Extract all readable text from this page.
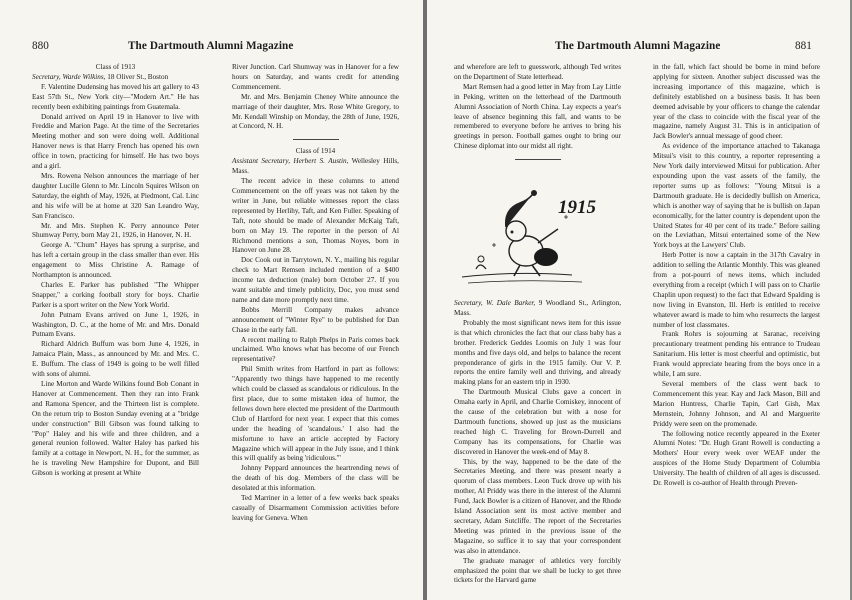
880	The Dartmouth Alumni Magazine

Class of 1913

Secretary, Warde Wilkins, 18 Oliver St., Boston

F. Valentine Dudensing has moved his art gallery to 43 East 57th St., New York city—"Modern Art." He has recently been exhibiting paintings from Guatemala.

Donald arrived on April 19 in Hanover to live with Freddie and Marion Page. At the time of the Secretaries Meeting mother and son were doing well. Additional Hanover news is that Harry French has opened his own office in town, practicing for himself. He has two boys and a girl.

Mrs. Rowena Nelson announces the marriage of her daughter Lucille Glenn to Mr. Lincoln Squires Wilson on Saturday, the eighth of May, 1926, at Piedmont, Cal. Linc and his wife will be at home at 320 San Leandro Way, San Francisco.

Mr. and Mrs. Stephen K. Perry announce Peter Shumway Perry, born May 21, 1926, in Hanover, N. H.

George A. "Chum" Hayes has sprung a surprise, and has left a certain group in the class smaller than ever. His engagement to Miss Christine A. Ramage of Northampton is announced.

Charles E. Parker has published "The Whipper Snapper," a corking football story for boys. Charlie Parker is a sport writer on the New York World.

John Putnam Evans arrived on June 1, 1926, in Washington, D. C., at the home of Mr. and Mrs. Donald Putnam Evans.

Richard Aldrich Buffum was born June 4, 1926, in Jamaica Plain, Mass., as announced by Mr. and Mrs. C. E. Buffum. The class of 1949 is going to be well filled with sons of alumni.

Line Morton and Warde Wilkins found Bob Conant in Hanover at Commencement. Then they ran into Frank and Ramona Spencer, and the Thirteen list is complete. On the return trip to Boston Sunday evening at a "bridge under construction" Bill Gibson was found talking to "Pop" Haley and his wife and three children, and a general reunion followed. Walter Haley has parked his family at a cottage in Newport, N. H., for the summer, as he is traveling New Hampshire for Dupont, and Bill Gibson is working at present at White

River Junction. Carl Shumway was in Hanover for a few hours on Saturday, and wants credit for attending Commencement.

Mr. and Mrs. Benjamin Cheney White announce the marriage of their daughter, Mrs. Rose White Gregory, to Mr. Kendall Winship on Monday, the 28th of June, 1926, at Concord, N. H.

Class of 1914

Assistant Secretary, Herbert S. Austin, Wellesley Hills, Mass.

The recent advice in these columns to attend Commencement on the off years was not taken by the writer in June, but reliable witnesses report the class represented by Herlihy, Taft, and Ken Fuller. Speaking of Taft, note should be made of Alexander McKaig Taft, born on May 19. The reporter in the person of Al Richmond mentions a son, Thomas Noyes, born in Hanover on June 28.

Doc Cook out in Tarrytown, N. Y., mailing his regular check to Mart Remsen included mention of a $400 income tax deduction (male) born October 27. If you want suitable and timely publicity, Doc, you must send name and date more promptly next time.

Bobbs Merrill Company makes advance announcement of "Winter Rye" to be published for Dan Chase in the early fall.

A recent mailing to Ralph Phelps in Paris comes back unclaimed. Who knows what has become of our French representative?

Phil Smith writes from Hartford in part as follows: "Apparently two things have happened to me recently which could be classed as scandalous or ridiculous. In the first place, due to some mistaken idea of humor, the fellows down here elected me president of the Dartmouth Club of Hartford for next year. I expect that this comes under the heading of 'scandalous.' I also had the misfortune to have an article accepted by Factory Magazine which will appear in the July issue, and I think this will qualify as being 'ridiculous.'"

Johnny Peppard announces the heartrending news of the death of his dog. Members of the class will be desolated at this information.

Ted Marriner in a letter of a few weeks back speaks casually of Disarmament Commission activities before leaving for Geneva. When

The Dartmouth Alumni Magazine	881

and wherefore are left to guesswork, although Ted writes on the Department of State letterhead.

Mart Remsen had a good letter in May from Lay Little in Peking, written on the letterhead of the Dartmouth Alumni Association of North China. Lay expects a year's leave of absence beginning this fall, and wants to be remembered to everyone before he arrives to bring his greetings in person. Football games ought to bring our Chinese diplomat into our midst all right.

1915

Secretary, W. Dale Barker, 9 Woodland St., Arlington, Mass.

Probably the most significant news item for this issue is that which chronicles the fact that our class baby has a brother. Frederick Geddes Loomis on July 1 was four months and five days old, and helps to balance the recent preponderance of girls in the 1915 family. Our V. P. reports the entire family well and thriving, and already making plans for an eastern trip in 1930.

The Dartmouth Musical Clubs gave a concert in Omaha early in April, and Charlie Comiskey, innocent of the cause of the celebration but with a nose for Dartmouth functions, showed up just as the musicians reached high C. Traveling for Brown-Durrell and Company has its compensations, for Charlie was discovered in Hanover the week-end of May 8.

This, by the way, happened to be the date of the Secretaries Meeting, and there was present nearly a quorum of class members. Leon Tuck drove up with his mother, Al Priddy was there in the interest of the Alumni Fund, Jack Bowler is a citizen of Hanover, and the Rhode Island Association sent its most active member and secretary, Adam Sutcliffe. The report of the Secretaries Meeting was printed in the previous issue of the Magazine, so suffice it to say that your correspondent was also in attendance.

The graduate manager of athletics very forcibly emphasized the point that we shall be lucky to get three tickets for the Harvard game

in the fall, which fact should be borne in mind before applying for sixteen. Another subject discussed was the increasing importance of this magazine, which is definitely established on a business basis. It has been deemed advisable by your officers to change the calendar year of the class to coincide with the fiscal year of the magazine, namely August 31. This is in anticipation of Jack Bowler's annual message of good cheer.

As evidence of the importance attached to Takanaga Mitsui's visit to this country, a reporter representing a New York daily interviewed Mitsui for publication. After expounding upon the vast assets of the family, the reporter sums up as follows: "Young Mitsui is a Dartmouth graduate. He is decidedly bullish on America, which is another way of saying that he is bullish on Japan economically, for the latter country is dependent upon the United States for 40 per cent of its trade." Before sailing on the Leviathan, Mitsui entertained some of the New York boys at the Lawyers' Club.

Herb Potter is now a captain in the 317th Cavalry in addition to selling the Atlantic Monthly. This was gleaned from a pot-pourri of news items, which included everything from a receipt (which I will pass on to Charlie Chaplin upon request) to the fact that Edward Spalding is now living in Evanston, Ill. Herb is entitled to receive whatever award is made to him who resurrects the largest number of lost classmates.

Frank Rohrs is sojourning at Saranac, receiving precautionary treatment pending his entrance to Trudeau Sanitarium. His letter is most cheerful and optimistic, but Frank would appreciate hearing from the boys once in a while, I am sure.

Several members of the class went back to Commencement this year. Kay and Jack Mason, Bill and Marion Huntress, Charlie Tapin, Carl Gish, Max Mernstein, Johnny Johnson, and Al and Marguerite Priddy were seen on the promenade.

The following notice recently appeared in the Exeter Alumni Notes: "Dr. Hugh Grant Rowell is conducting a Mothers' Hour every week over WEAF under the auspices of the Home Study Department of Columbia University. The health of children of all ages is discussed. Dr. Rowell is co-author of Health through Preven-
